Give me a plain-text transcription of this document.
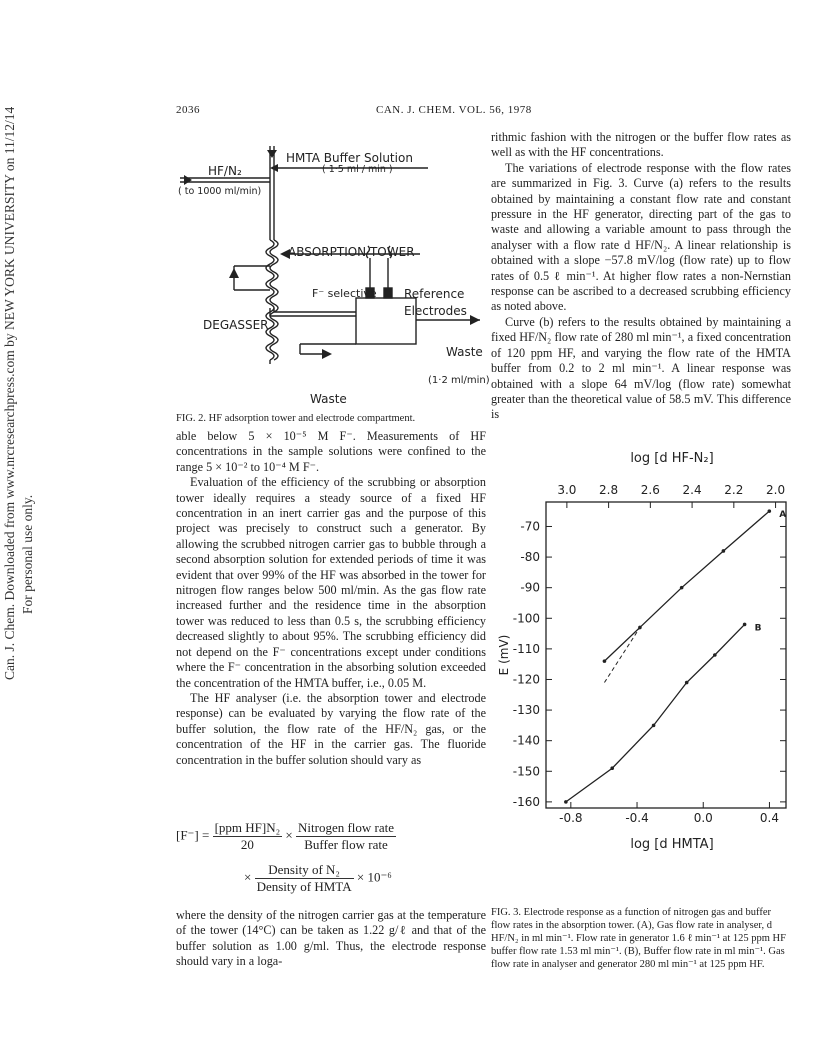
Can. J. Chem. Downloaded from www.nrcresearchpress.com by NEW YORK UNIVERSITY on 11/12/14 For personal use only.
2036	CAN. J. CHEM. VOL. 56, 1978
HF/N₂
( to 1000 ml/min)
HMTA Buffer Solution
( 1·5 ml / min )
ABSORPTION TOWER
F⁻ selective Reference
Electrodes
DEGASSER
Waste
(1·2 ml/min)
Waste
FIG. 2. HF adsorption tower and electrode compartment.

able below 5 × 10⁻⁵ M F⁻. Measurements of HF concentrations in the sample solutions were confined to the range 5 × 10⁻² to 10⁻⁴ M F⁻.

Evaluation of the efficiency of the scrubbing or absorption tower ideally requires a steady source of a fixed HF concentration in an inert carrier gas and the purpose of this project was precisely to construct such a generator. By allowing the scrubbed nitrogen carrier gas to bubble through a second absorption solution for extended periods of time it was evident that over 99% of the HF was absorbed in the tower for nitrogen flow ranges below 500 ml/min. As the gas flow rate increased further and the residence time in the absorption tower was reduced to less than 0.5 s, the scrubbing efficiency decreased slightly to about 95%. The scrubbing efficiency did not depend on the F⁻ concentrations except under conditions where the F⁻ concentration in the absorbing solution exceeded the concentration of the HMTA buffer, i.e., 0.05 M.

The HF analyser (i.e. the absorption tower and electrode response) can be evaluated by varying the flow rate of the buffer solution, the flow rate of the HF/N₂ gas, or the concentration of the HF in the carrier gas. The fluoride concentration in the buffer solution should vary as

$[F^-] = \frac{\text{[ppm HF]N₂}}{20} \times \frac{\text{Nitrogen flow rate}}{\text{Buffer flow rate}}$
× $\frac{\text{Density of N₂}}{\text{Density of HMTA}} \times 10^{-6}$
where the density of the nitrogen carrier gas at the temperature of the tower (14°C) can be taken as 1.22 g/ℓ and that of the buffer solution as 1.00 g/ml. Thus, the electrode response should vary in a loga-

rithmic fashion with the nitrogen or the buffer flow rates as well as with the HF concentrations.

The variations of electrode response with the flow rates are summarized in Fig. 3. Curve (a) refers to the results obtained by maintaining a constant flow rate and constant pressure in the HF generator, directing part of the gas to waste and allowing a variable amount to pass through the analyser with a flow rate d HF/N₂. A linear relationship is obtained with a slope −57.8 mV/log (flow rate) up to flow rates of 0.5 ℓ min⁻¹. At higher flow rates a non-Nernstian response can be ascribed to a decreased scrubbing efficiency as noted above.

Curve (b) refers to the results obtained by maintaining a fixed HF/N₂ flow rate of 280 ml min⁻¹, a fixed concentration of 120 ppm HF, and varying the flow rate of the HMTA buffer from 0.2 to 2 ml min⁻¹. A linear response was obtained with a slope 64 mV/log (flow rate) somewhat greater than the theoretical value of 58.5 mV. This difference is

-70
-80
-90
-100
-110
-120
-130
-140
-150
-160
-0.8	-0.4	0.0	0.4
3.0 2.8 2.6 2.4 2.2 2.0
E (mV)
log [d HMTA]
log [d HF-N₂]
A
B
FIG. 3. Electrode response as a function of nitrogen gas and buffer flow rates in the absorption tower. (A), Gas flow rate in analyser, d HF/N₂ in ml min⁻¹. Flow rate in generator 1.6 ℓ min⁻¹ at 125 ppm HF buffer flow rate 1.53 ml min⁻¹. (B), Buffer flow rate in ml min⁻¹. Gas flow rate in analyser and generator 280 ml min⁻¹ at 125 ppm HF.
